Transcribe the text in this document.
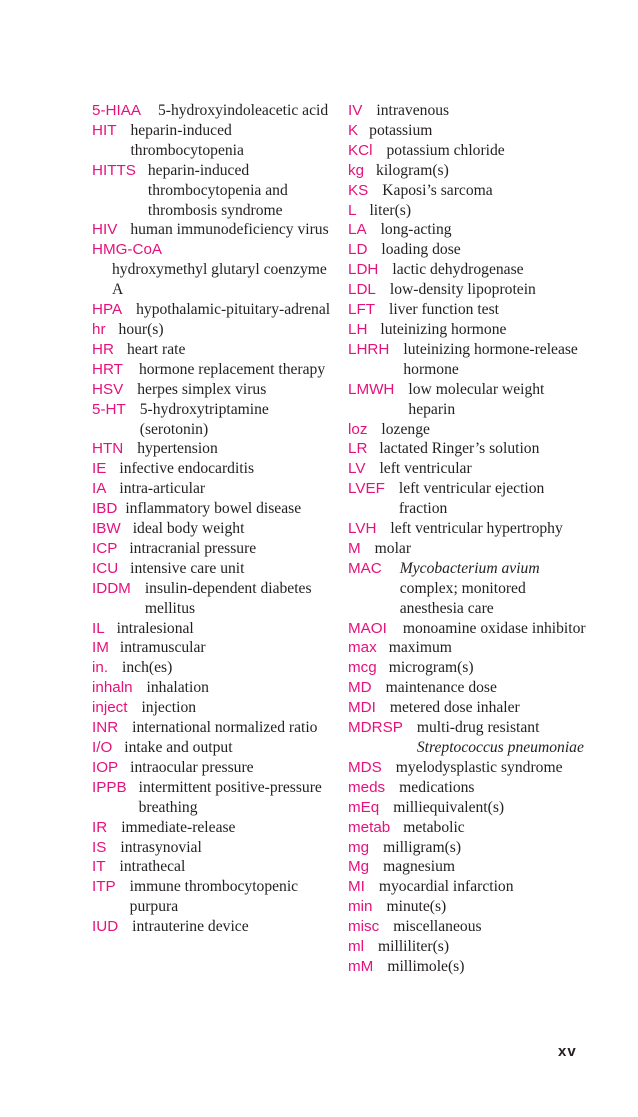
5-HIAA 5-hydroxyindoleacetic acid
HIT heparin-induced thrombocytopenia
HITTS heparin-induced thrombocytopenia and thrombosis syndrome
HIV human immunodeficiency virus
HMG-CoA
hydroxymethyl glutaryl coenzyme A
HPA hypothalamic-pituitary-adrenal
hr hour(s)
HR heart rate
HRT hormone replacement therapy
HSV herpes simplex virus
5-HT 5-hydroxytriptamine (serotonin)
HTN hypertension
IE infective endocarditis
IA intra-articular
IBD inflammatory bowel disease
IBW ideal body weight
ICP intracranial pressure
ICU intensive care unit
IDDM insulin-dependent diabetes mellitus
IL intralesional
IM intramuscular
in. inch(es)
inhaln inhalation
inject injection
INR international normalized ratio
I/O intake and output
IOP intraocular pressure
IPPB intermittent positive-pressure breathing
IR immediate-release
IS intrasynovial
IT intrathecal
ITP immune thrombocytopenic purpura
IUD intrauterine device
IV intravenous
K potassium
KCl potassium chloride
kg kilogram(s)
KS Kaposi’s sarcoma
L liter(s)
LA long-acting
LD loading dose
LDH lactic dehydrogenase
LDL low-density lipoprotein
LFT liver function test
LH luteinizing hormone
LHRH luteinizing hormone-release hormone
LMWH low molecular weight heparin
loz lozenge
LR lactated Ringer’s solution
LV left ventricular
LVEF left ventricular ejection fraction
LVH left ventricular hypertrophy
M molar
MAC Mycobacterium avium complex; monitored anesthesia care
MAOI monoamine oxidase inhibitor
max maximum
mcg microgram(s)
MD maintenance dose
MDI metered dose inhaler
MDRSP multi-drug resistant Streptococcus pneumoniae
MDS myelodysplastic syndrome
meds medications
mEq milliequivalent(s)
metab metabolic
mg milligram(s)
Mg magnesium
MI myocardial infarction
min minute(s)
misc miscellaneous
ml milliliter(s)
mM millimole(s)
xv
